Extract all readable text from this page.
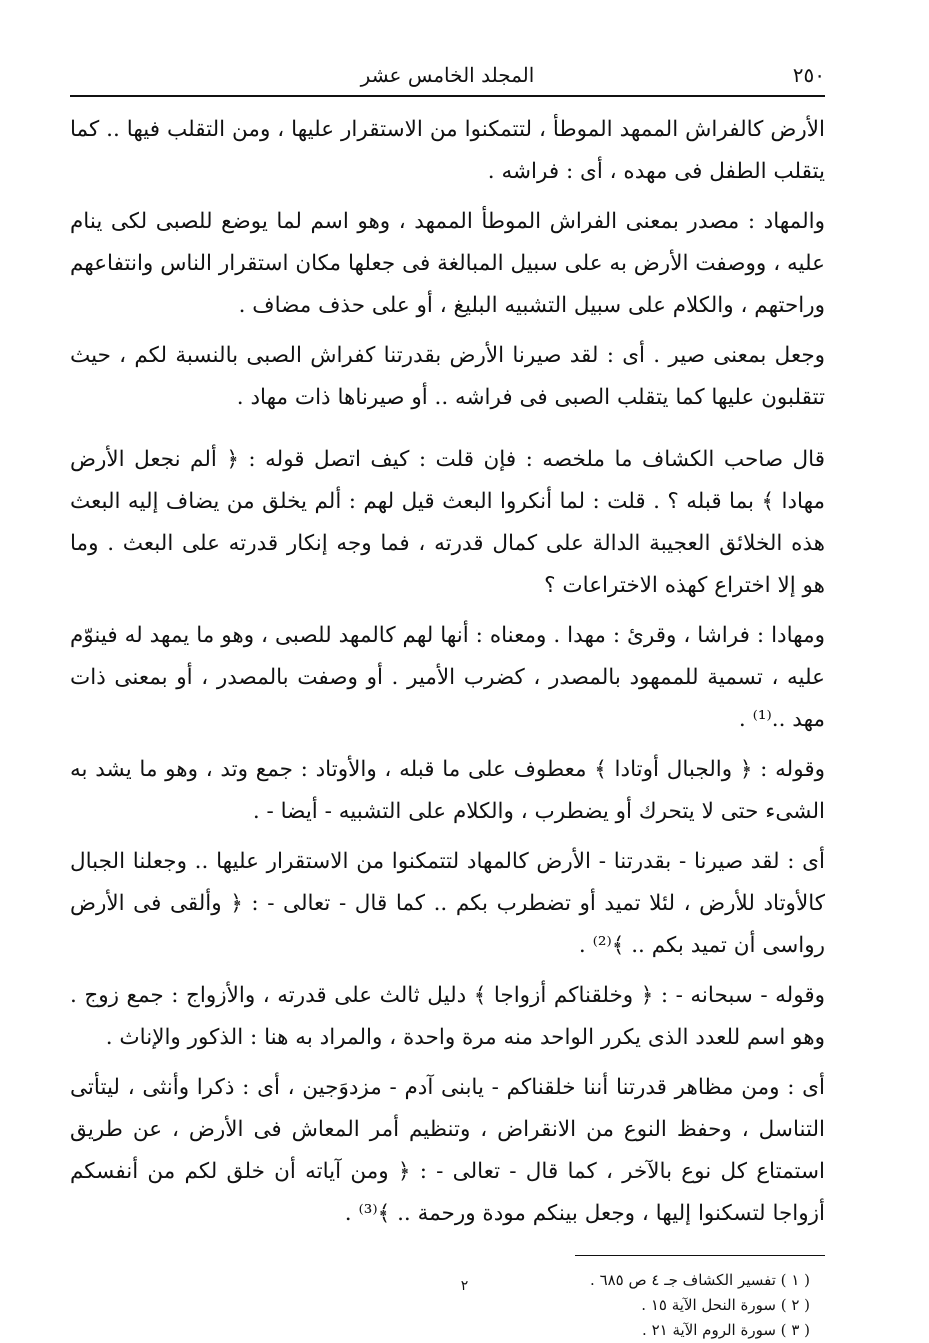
٢٥٠
المجلد الخامس عشر

الأرض كالفراش الممهد الموطأ ، لتتمكنوا من الاستقرار عليها ، ومن التقلب فيها .. كما يتقلب الطفل فى مهده ، أى : فراشه .

والمهاد : مصدر بمعنى الفراش الموطأ الممهد ، وهو اسم لما يوضع للصبى لكى ينام عليه ، ووصفت الأرض به على سبيل المبالغة فى جعلها مكان استقرار الناس وانتفاعهم وراحتهم ، والكلام على سبيل التشبيه البليغ ، أو على حذف مضاف .

وجعل بمعنى صير . أى : لقد صيرنا الأرض بقدرتنا كفراش الصبى بالنسبة لكم ، حيث تتقلبون عليها كما يتقلب الصبى فى فراشه .. أو صيرناها ذات مهاد .

قال صاحب الكشاف ما ملخصه : فإن قلت : كيف اتصل قوله : ﴿ ألم نجعل الأرض مهادا ﴾ بما قبله ؟ . قلت : لما أنكروا البعث قيل لهم : ألم يخلق من يضاف إليه البعث هذه الخلائق العجيبة الدالة على كمال قدرته ، فما وجه إنكار قدرته على البعث . وما هو إلا اختراع كهذه الاختراعات ؟

ومهادا : فراشا ، وقرئ : مهدا . ومعناه : أنها لهم كالمهد للصبى ، وهو ما يمهد له فينوّم عليه ، تسمية للممهود بالمصدر ، كضرب الأمير . أو وصفت بالمصدر ، أو بمعنى ذات مهد ..⁽¹⁾ .

وقوله : ﴿ والجبال أوتادا ﴾ معطوف على ما قبله ، والأوتاد : جمع وتد ، وهو ما يشد به الشىء حتى لا يتحرك أو يضطرب ، والكلام على التشبيه - أيضا - .

أى : لقد صيرنا - بقدرتنا - الأرض كالمهاد لتتمكنوا من الاستقرار عليها .. وجعلنا الجبال كالأوتاد للأرض ، لئلا تميد أو تضطرب بكم .. كما قال - تعالى - : ﴿ وألقى فى الأرض رواسى أن تميد بكم .. ﴾⁽²⁾ .

وقوله - سبحانه - : ﴿ وخلقناكم أزواجا ﴾ دليل ثالث على قدرته ، والأزواج : جمع زوج . وهو اسم للعدد الذى يكرر الواحد منه مرة واحدة ، والمراد به هنا : الذكور والإناث .

أى : ومن مظاهر قدرتنا أننا خلقناكم - يابنى آدم - مزدوَجين ، أى : ذكرا وأنثى ، ليتأتى التناسل ، وحفظ النوع من الانقراض ، وتنظيم أمر المعاش فى الأرض ، عن طريق استمتاع كل نوع بالآخر ، كما قال - تعالى - : ﴿ ومن آياته أن خلق لكم من أنفسكم أزواجا لتسكنوا إليها ، وجعل بينكم مودة ورحمة .. ﴾⁽³⁾ .

( ١ ) تفسير الكشاف جـ ٤ ص ٦٨٥ .

( ٢ ) سورة النحل الآية ١٥ .

( ٣ ) سورة الروم الآية ٢١ .

٢
